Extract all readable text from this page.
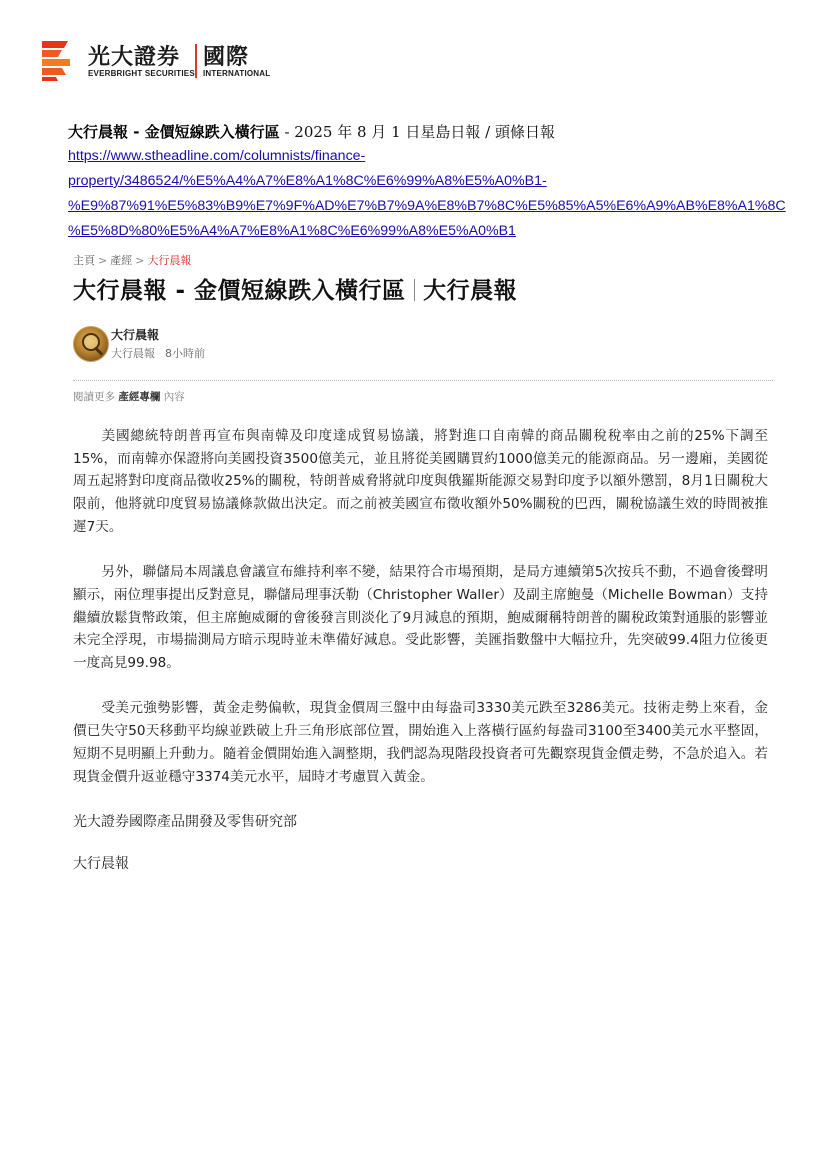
光大證券
EVERBRIGHT SECURITIES
國際
INTERNATIONAL
大行晨報 - 金價短線跌入橫行區 - 2025 年 8 月 1 日星島日報 / 頭條日報
https://www.stheadline.com/columnists/finance-
property/3486524/%E5%A4%A7%E8%A1%8C%E6%99%A8%E5%A0%B1-
%E9%87%91%E5%83%B9%E7%9F%AD%E7%B7%9A%E8%B7%8C%E5%85%A5%E6%A9%AB%E8%A1%8C
%E5%8D%80%E5%A4%A7%E8%A1%8C%E6%99%A8%E5%A0%B1
主頁 > 產經 > 大行晨報
大行晨報 - 金價短線跌入橫行區 大行晨報
大行晨報
大行晨報 8小時前
閱讀更多 產經專欄 內容

美國總統特朗普再宣布與南韓及印度達成貿易協議，將對進口自南韓的商品關稅稅率由之前的25%下調至15%，而南韓亦保證將向美國投資3500億美元，並且將從美國購買約1000億美元的能源商品。另一邊廂，美國從周五起將對印度商品徵收25%的關稅，特朗普威脅將就印度與俄羅斯能源交易對印度予以額外懲罰，8月1日關稅大限前，他將就印度貿易協議條款做出決定。而之前被美國宣布徵收額外50%關稅的巴西，關稅協議生效的時間被推遲7天。

另外，聯儲局本周議息會議宣布維持利率不變，結果符合市場預期，是局方連續第5次按兵不動，不過會後聲明顯示，兩位理事提出反對意見，聯儲局理事沃勒（Christopher Waller）及副主席鮑曼（Michelle Bowman）支持繼續放鬆貨幣政策，但主席鮑威爾的會後發言則淡化了9月減息的預期，鮑威爾稱特朗普的關稅政策對通脹的影響並未完全浮現，市場揣測局方暗示現時並未準備好減息。受此影響，美匯指數盤中大幅拉升，先突破99.4阻力位後更一度高見99.98。

受美元強勢影響，黃金走勢偏軟，現貨金價周三盤中由每盎司3330美元跌至3286美元。技術走勢上來看，金價已失守50天移動平均線並跌破上升三角形底部位置，開始進入上落橫行區約每盎司3100至3400美元水平整固，短期不見明顯上升動力。隨着金價開始進入調整期，我們認為現階段投資者可先觀察現貨金價走勢，不急於追入。若現貨金價升返並穩守3374美元水平，屆時才考慮買入黃金。

光大證券國際產品開發及零售研究部

大行晨報
